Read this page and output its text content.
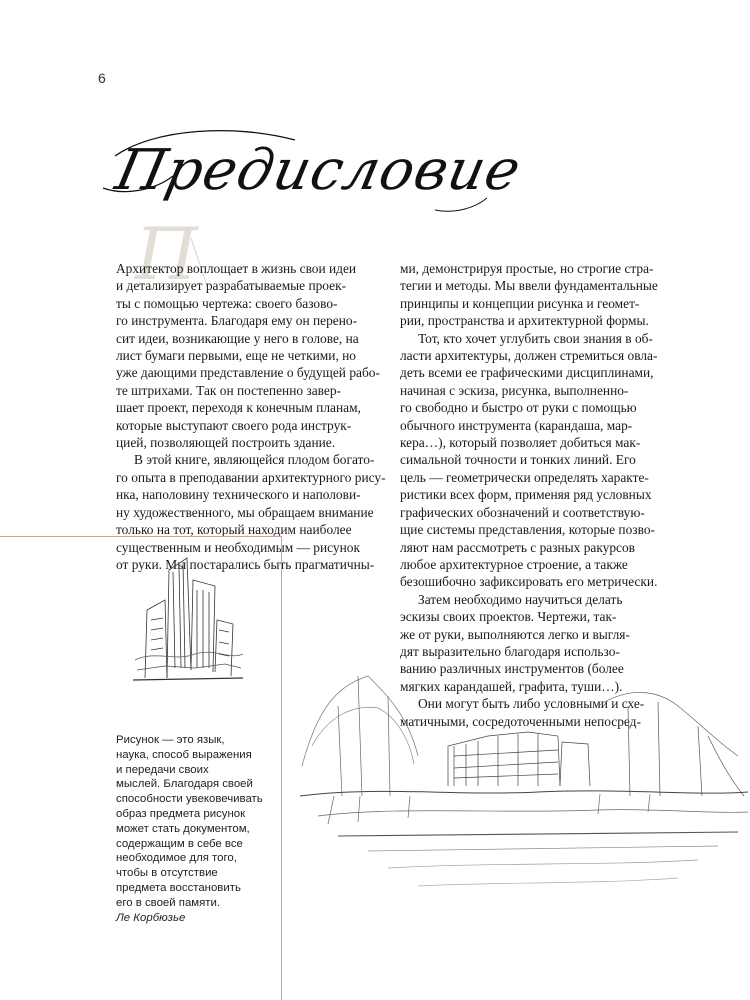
6
П
Предисловие

Архитектор воплощает в жизнь свои идеи
и детализирует разрабатываемые проек-
ты с помощью чертежа: своего базово-
го инструмента. Благодаря ему он перено-
сит идеи, возникающие у него в голове, на
лист бумаги первыми, еще не четкими, но
уже дающими представление о будущей рабо-
те штрихами. Так он постепенно завер-
шает проект, переходя к конечным планам,
которые выступают своего рода инструк-
цией, позволяющей построить здание.

В этой книге, являющейся плодом богато-
го опыта в преподавании архитектурного рису-
нка, наполовину технического и наполови-
ну художественного, мы обращаем внимание
только на тот, который находим наиболее
существенным и необходимым — рисунок
от руки. Мы постарались быть прагматичны-

ми, демонстрируя простые, но строгие стра-
тегии и методы. Мы ввели фундаментальные
принципы и концепции рисунка и геомет-
рии, пространства и архитектурной формы.

Тот, кто хочет углубить свои знания в об-
ласти архитектуры, должен стремиться овла-
деть всеми ее графическими дисциплинами,
начиная с эскиза, рисунка, выполненно-
го свободно и быстро от руки с помощью
обычного инструмента (карандаша, мар-
кера…), который позволяет добиться мак-
симальной точности и тонких линий. Его
цель — геометрически определять характе-
ристики всех форм, применяя ряд условных
графических обозначений и соответствую-
щие системы представления, которые позво-
ляют нам рассмотреть с разных ракурсов
любое архитектурное строение, а также
безошибочно зафиксировать его метрически.

Затем необходимо научиться делать
эскизы своих проектов. Чертежи, так-
же от руки, выполняются легко и выгля-
дят выразительно благодаря использо-
ванию различных инструментов (более
мягких карандашей, графита, туши…).

Они могут быть либо условными и схе-
матичными, сосредоточенными непосред-

Рисунок — это язык,
наука, способ выражения
и передачи своих
мыслей. Благодаря своей
способности увековечивать
образ предмета рисунок
может стать документом,
содержащим в себе все
необходимое для того,
чтобы в отсутствие
предмета восстановить
его в своей памяти.
Ле Корбюзье
